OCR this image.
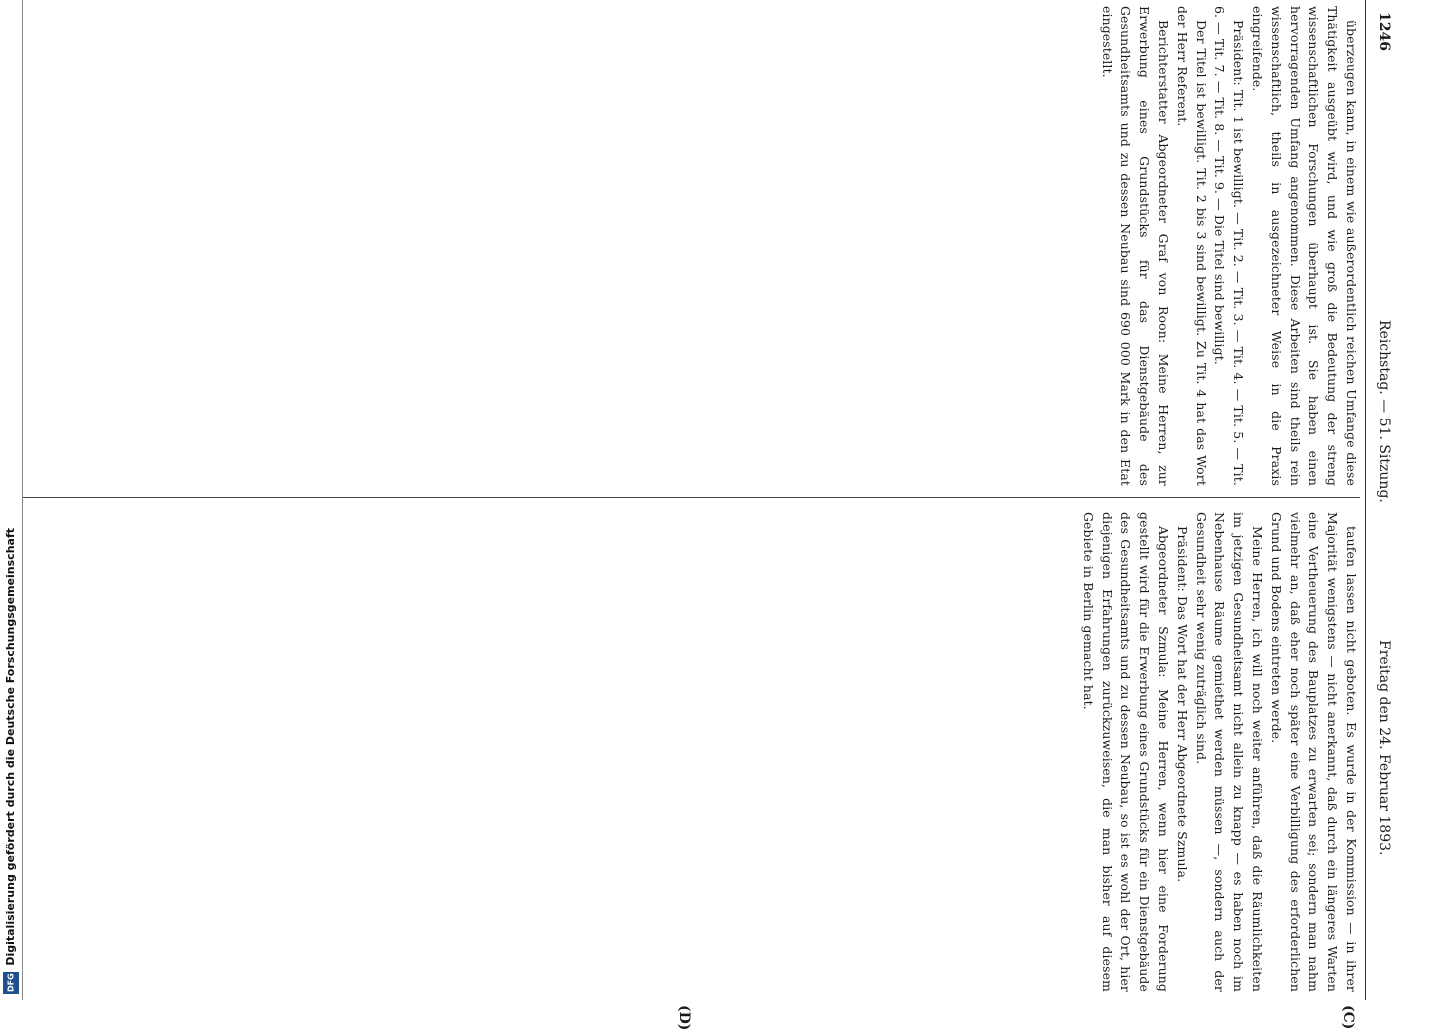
1246
Reichstag. — 51. Sitzung.
Freitag den 24. Februar 1893.
(C)
(D)

überzeugen kann, in einem wie außerordentlich reichen Umfange diese Thätigkeit ausgeübt wird, und wie groß die Bedeutung der streng wissenschaftlichen Forschungen überhaupt ist. Sie haben einen hervorragenden Umfang angenommen. Diese Arbeiten sind theils rein wissenschaftlich, theils in ausgezeichneter Weise in die Praxis eingreifende.

Präsident: Tit. 1 ist bewilligt. — Tit. 2. — Tit. 3. — Tit. 4. — Tit. 5. — Tit. 6. — Tit. 7. — Tit. 8. — Tit. 9. — Die Titel sind bewilligt.

Der Titel ist bewilligt. Tit. 2 bis 3 sind bewilligt. Zu Tit. 4 hat das Wort der Herr Referent.

Berichterstatter Abgeordneter Graf von Roon: Meine Herren, zur Erwerbung eines Grundstücks für das Dienstgebäude des Gesundheitsamts und zu dessen Neubau sind 690 000 Mark in den Etat eingestellt.

taufen lassen nicht geboten. Es wurde in der Kommission — in ihrer Majorität wenigstens — nicht anerkannt, daß durch ein längeres Warten eine Vertheuerung des Bauplatzes zu erwarten sei; sondern man nahm vielmehr an, daß eher noch später eine Verbilligung des erforderlichen Grund und Bodens eintreten werde.

Meine Herren, ich will noch weiter anführen, daß die Räumlichkeiten im jetzigen Gesundheitsamt nicht allein zu knapp — es haben noch im Nebenhause Räume gemiethet werden müssen —, sondern auch der Gesundheit sehr wenig zuträglich sind.

Präsident: Das Wort hat der Herr Abgeordnete Szmula.

Abgeordneter Szmula: Meine Herren, wenn hier eine Forderung gestellt wird für die Erwerbung eines Grundstücks für ein Dienstgebäude des Gesundheitsamts und zu dessen Neubau, so ist es wohl der Ort, hier diejenigen Erfahrungen zurückzuweisen, die man bisher auf diesem Gebiete in Berlin gemacht hat.

Digitalisierung gefördert durch die Deutsche Forschungsgemeinschaft
DFG
